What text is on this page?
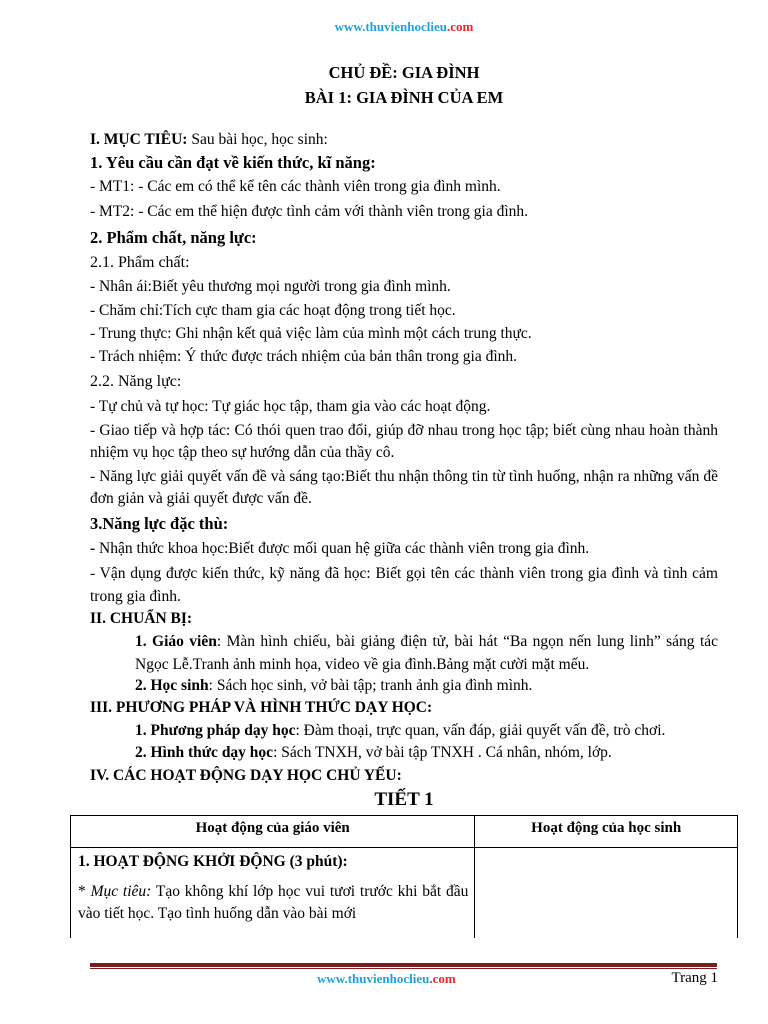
www.thuvienhoclieu.com
CHỦ ĐỀ: GIA ĐÌNH
BÀI 1: GIA ĐÌNH CỦA EM
I. MỤC TIÊU: Sau bài học, học sinh:
1. Yêu cầu cần đạt về kiến thức, kĩ năng:
- MT1: - Các em có thể kể tên các thành viên trong gia đình mình.
- MT2: - Các em thể hiện được tình cảm với thành viên trong gia đình.
2. Phẩm chất, năng lực:
2.1. Phẩm chất:
- Nhân ái:Biết yêu thương mọi người trong gia đình mình.
- Chăm chỉ:Tích cực tham gia các hoạt động trong tiết học.
- Trung thực: Ghi nhận kết quả việc làm của mình một cách trung thực.
- Trách nhiệm: Ý thức được trách nhiệm của bản thân trong gia đình.
2.2. Năng lực:
- Tự chủ và tự học: Tự giác học tập, tham gia vào các hoạt động.
- Giao tiếp và hợp tác: Có thói quen trao đổi, giúp đỡ nhau trong học tập; biết cùng nhau hoàn thành nhiệm vụ học tập theo sự hướng dẫn của thầy cô.
- Năng lực giải quyết vấn đề và sáng tạo:Biết thu nhận thông tin từ tình huống, nhận ra những vấn đề đơn giản và giải quyết được vấn đề.
3.Năng lực đặc thù:
- Nhận thức khoa học:Biết được mối quan hệ giữa các thành viên trong gia đình.
- Vận dụng được kiến thức, kỹ năng đã học: Biết gọi tên các thành viên trong gia đình và tình cảm trong gia đình.
II. CHUẨN BỊ:
1. Giáo viên: Màn hình chiếu, bài giảng điện tử, bài hát “Ba ngọn nến lung linh” sáng tác Ngọc Lễ.Tranh ảnh minh họa, video về gia đình.Bảng mặt cười mặt mếu.
2. Học sinh: Sách học sinh, vở bài tập; tranh ảnh gia đình mình.
III. PHƯƠNG PHÁP VÀ HÌNH THỨC DẠY HỌC:
1. Phương pháp dạy học: Đàm thoại, trực quan, vấn đáp, giải quyết vấn đề, trò chơi.
2. Hình thức dạy học: Sách TNXH, vở bài tập TNXH . Cá nhân, nhóm, lớp.
IV. CÁC HOẠT ĐỘNG DẠY HỌC CHỦ YẾU:
TIẾT 1
Hoạt động của giáo viên	Hoạt động của học sinh

1. HOẠT ĐỘNG KHỞI ĐỘNG (3 phút):
* Mục tiêu: Tạo không khí lớp học vui tươi trước khi bắt đầu vào tiết học. Tạo tình huống dẫn vào bài mới	

www.thuvienhoclieu.com	Trang 1
